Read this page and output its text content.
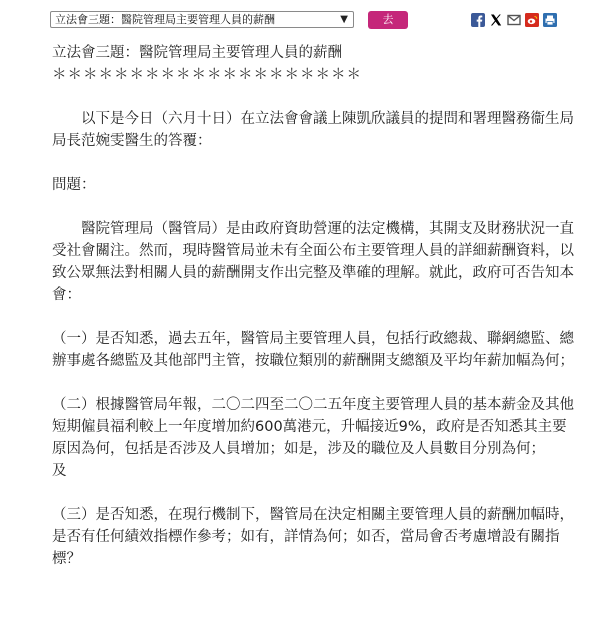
立法會三題：醫院管理局主要管理人員的薪酬	▼	去
立法會三題：醫院管理局主要管理人員的薪酬

＊＊＊＊＊＊＊＊＊＊＊＊＊＊＊＊＊＊＊＊

以下是今日（六月十日）在立法會會議上陳凱欣議員的提問和署理醫務衞生局局長范婉雯醫生的答覆：

問題：

醫院管理局（醫管局）是由政府資助營運的法定機構，其開支及財務狀況一直受社會關注。然而，現時醫管局並未有全面公布主要管理人員的詳細薪酬資料，以致公眾無法對相關人員的薪酬開支作出完整及準確的理解。就此，政府可否告知本會：

（一）是否知悉，過去五年，醫管局主要管理人員，包括行政總裁、聯網總監、總辦事處各總監及其他部門主管，按職位類別的薪酬開支總額及平均年薪加幅為何；

（二）根據醫管局年報，二〇二四至二〇二五年度主要管理人員的基本薪金及其他短期僱員福利較上一年度增加約600萬港元，升幅接近9%，政府是否知悉其主要原因為何，包括是否涉及人員增加；如是，涉及的職位及人員數目分別為何；

及

（三）是否知悉，在現行機制下，醫管局在決定相關主要管理人員的薪酬加幅時，是否有任何績效指標作參考；如有，詳情為何；如否，當局會否考慮增設有關指標？
